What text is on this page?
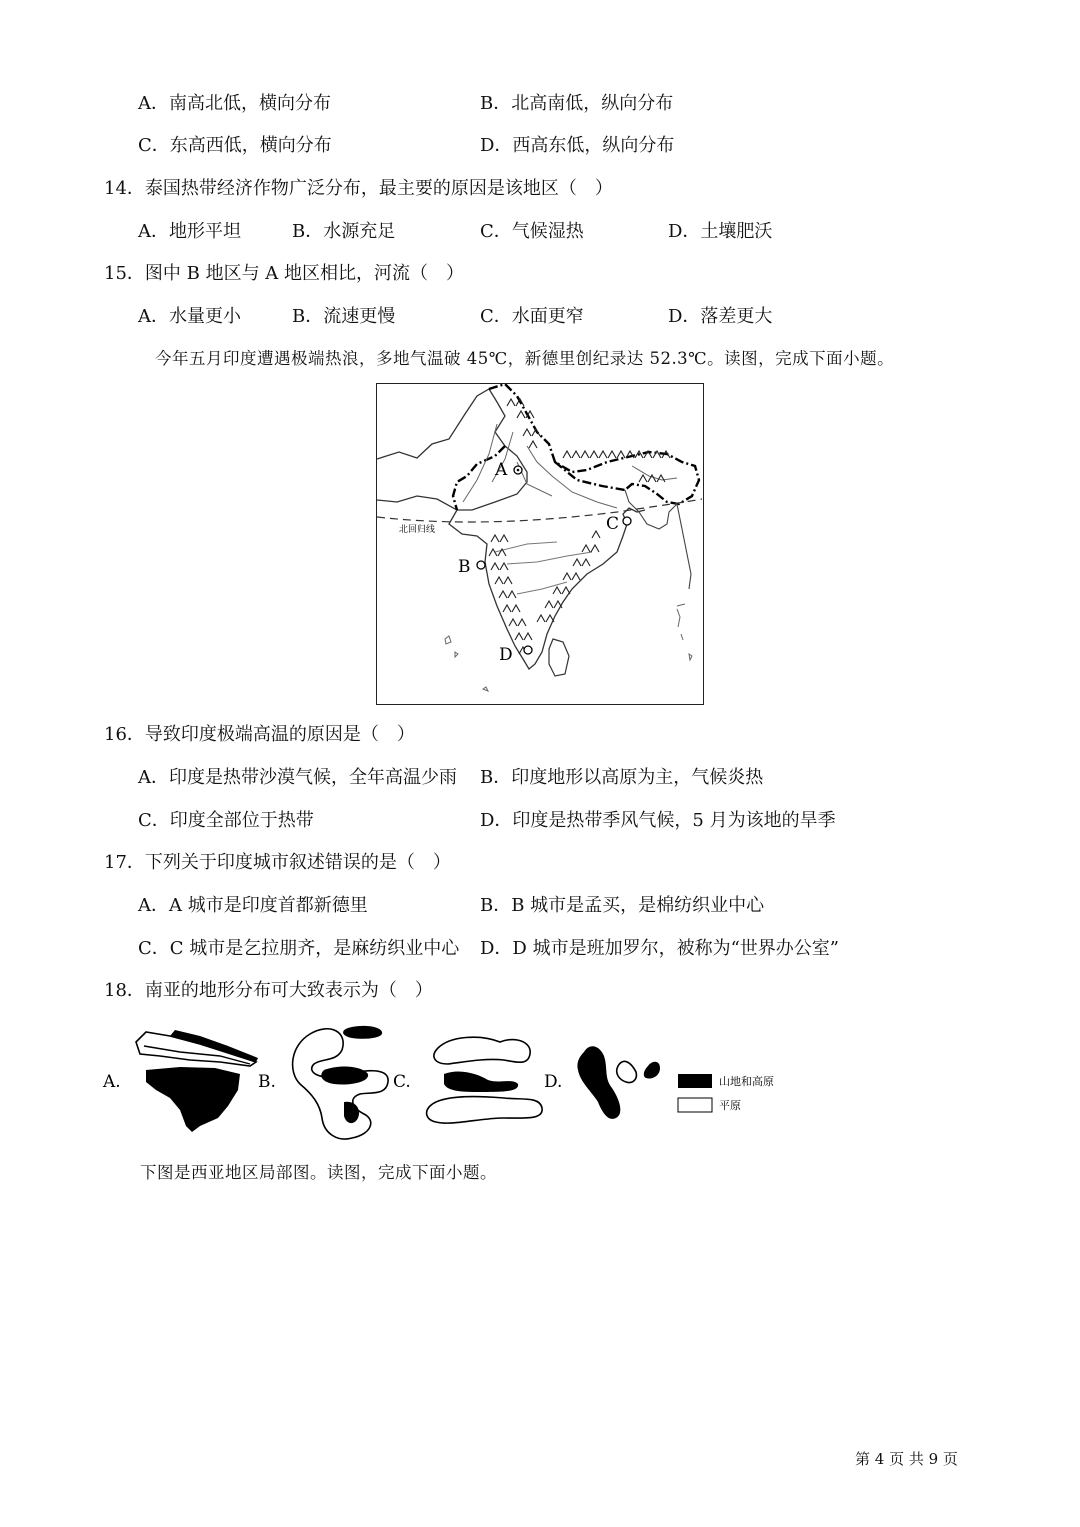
A．南高北低，横向分布	B．北高南低，纵向分布
C．东高西低，横向分布	D．西高东低，纵向分布
14．泰国热带经济作物广泛分布，最主要的原因是该地区（　）
A．地形平坦	B．水源充足	C．气候湿热	D．土壤肥沃
15．图中 B 地区与 A 地区相比，河流（　）
A．水量更小	B．流速更慢	C．水面更窄	D．落差更大
今年五月印度遭遇极端热浪，多地气温破 45℃，新德里创纪录达 52.3℃。读图，完成下面小题。
A
B
C
D
北回归线
16．导致印度极端高温的原因是（　）
A．印度是热带沙漠气候，全年高温少雨 B．印度地形以高原为主，气候炎热
C．印度全部位于热带	D．印度是热带季风气候，5 月为该地的旱季
17．下列关于印度城市叙述错误的是（　）
A．A 城市是印度首都新德里	B．B 城市是孟买，是棉纺织业中心
C．C 城市是乞拉朋齐，是麻纺织业中心 D．D 城市是班加罗尔，被称为“世界办公室”
18．南亚的地形分布可大致表示为（　）
A.	B.	C.	D.	山地和高原
平原
下图是西亚地区局部图。读图，完成下面小题。
第 4 页 共 9 页
